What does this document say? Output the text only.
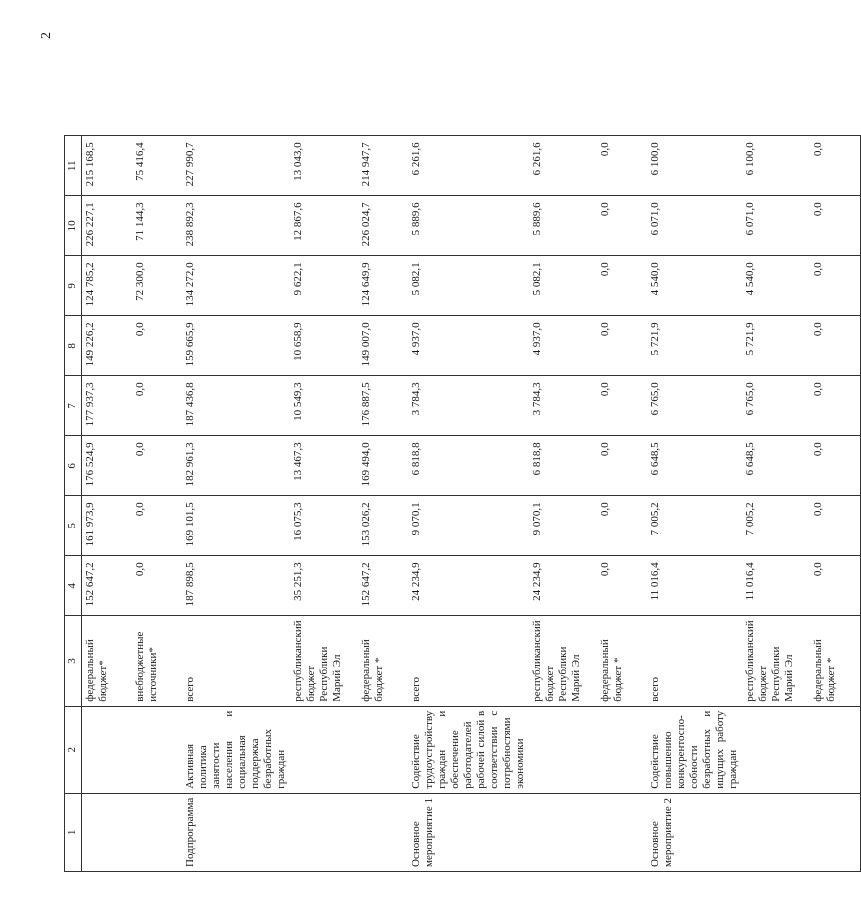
2
1	2	3	4	5	6	7	8	9	10	11
		федеральный бюджет*	152 647,2	161 973,9	176 524,9	177 937,3	149 226,2	124 785,2	226 227,1	215 168,5
		внебюджетные источники*	0,0	0,0	0,0	0,0	0,0	72 300,0	71 144,3	75 416,4
Подпрограмма	Активная политика занятости населения и социальная поддержка безработных граждан	всего	187 898,5	169 101,5	182 961,3	187 436,8	159 665,9	134 272,0	238 892,3	227 990,7
		республиканский бюджет Республики Марий Эл	35 251,3	16 075,3	13 467,3	10 549,3	10 658,9	9 622,1	12 867,6	13 043,0
		федеральный бюджет *	152 647,2	153 026,2	169 494,0	176 887,5	149 007,0	124 649,9	226 024,7	214 947,7
Основное мероприятие 1	Содействие трудоустройству граждан и обеспечение работодателей рабочей силой в соответствии с потребностями экономики	всего	24 234,9	9 070,1	6 818,8	3 784,3	4 937,0	5 082,1	5 889,6	6 261,6
		республиканский бюджет Республики Марий Эл	24 234,9	9 070,1	6 818,8	3 784,3	4 937,0	5 082,1	5 889,6	6 261,6
		федеральный бюджет *	0,0	0,0	0,0	0,0	0,0	0,0	0,0	0,0
Основное мероприятие 2	Содействие повышению конкурентоспо-собности безработных и ищущих работу граждан	всего	11 016,4	7 005,2	6 648,5	6 765,0	5 721,9	4 540,0	6 071,0	6 100,0
		республиканский бюджет Республики Марий Эл	11 016,4	7 005,2	6 648,5	6 765,0	5 721,9	4 540,0	6 071,0	6 100,0
		федеральный бюджет *	0,0	0,0	0,0	0,0	0,0	0,0	0,0	0,0
